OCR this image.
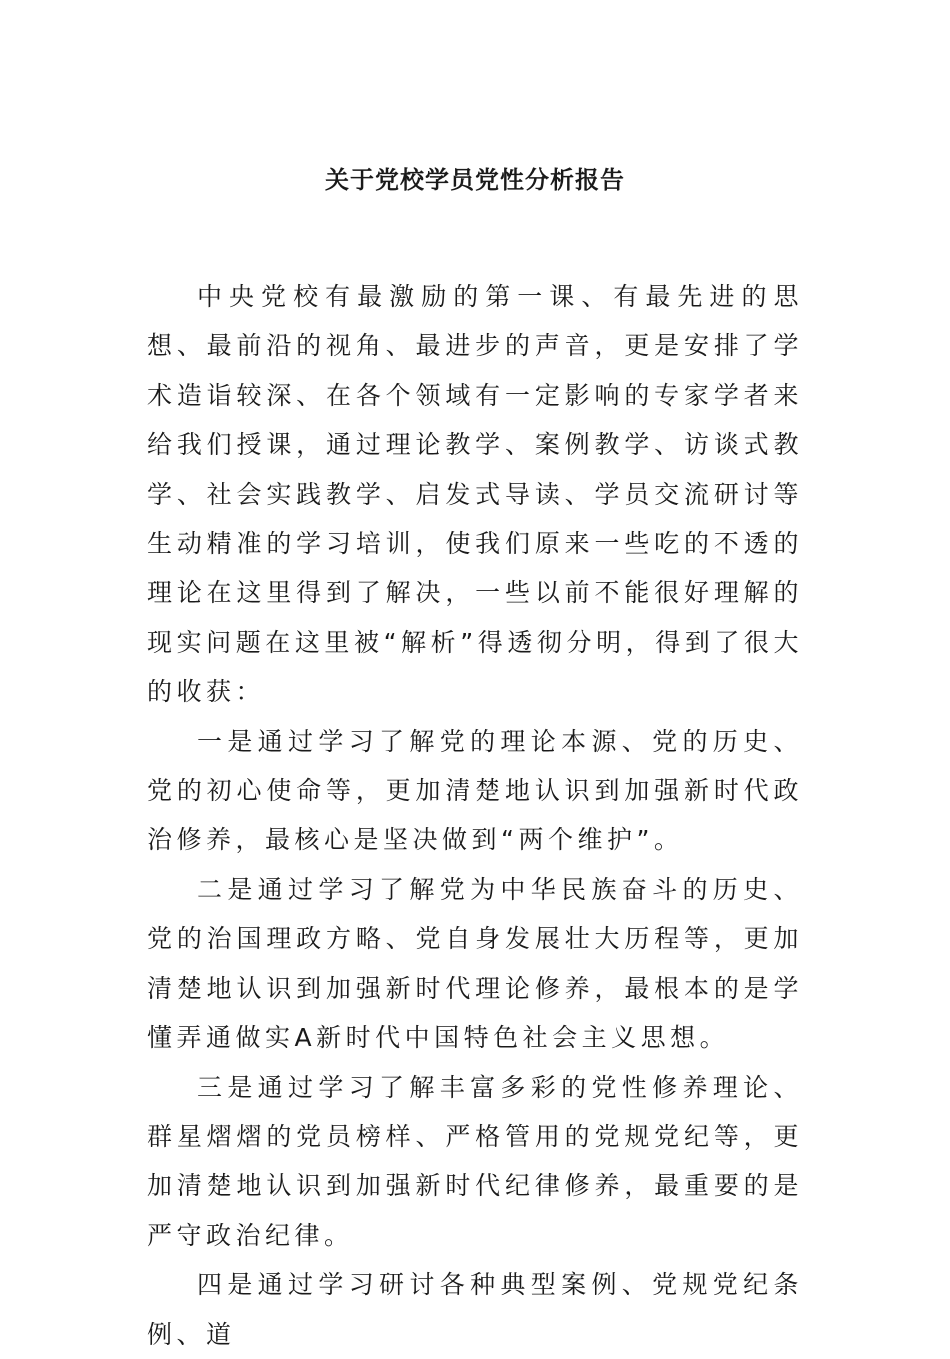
关于党校学员党性分析报告

中央党校有最激励的第一课、有最先进的思想、最前沿的视角、最进步的声音，更是安排了学术造诣较深、在各个领域有一定影响的专家学者来给我们授课，通过理论教学、案例教学、访谈式教学、社会实践教学、启发式导读、学员交流研讨等生动精准的学习培训，使我们原来一些吃的不透的理论在这里得到了解决，一些以前不能很好理解的现实问题在这里被“解析”得透彻分明，得到了很大的收获：

一是通过学习了解党的理论本源、党的历史、党的初心使命等，更加清楚地认识到加强新时代政治修养，最核心是坚决做到“两个维护”。

二是通过学习了解党为中华民族奋斗的历史、党的治国理政方略、党自身发展壮大历程等，更加清楚地认识到加强新时代理论修养，最根本的是学懂弄通做实A新时代中国特色社会主义思想。

三是通过学习了解丰富多彩的党性修养理论、群星熠熠的党员榜样、严格管用的党规党纪等，更加清楚地认识到加强新时代纪律修养，最重要的是严守政治纪律。

四是通过学习研讨各种典型案例、党规党纪条例、道
